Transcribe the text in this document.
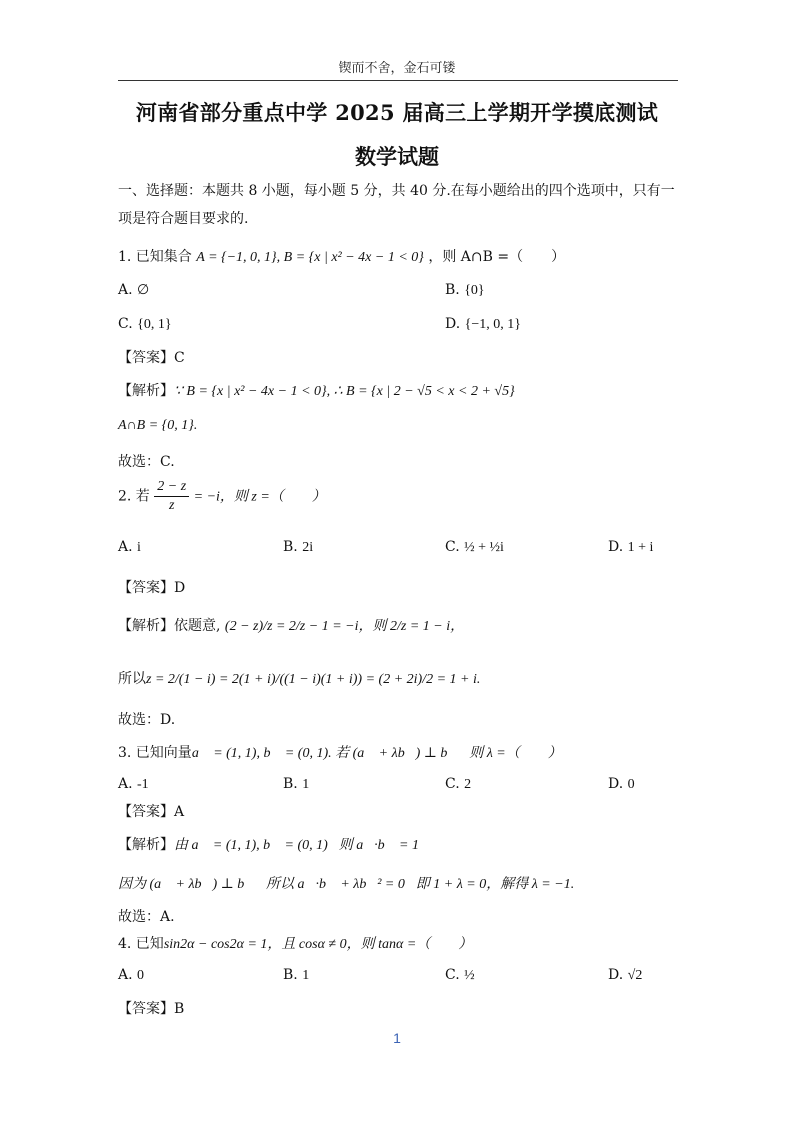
锲而不舍，金石可镂
河南省部分重点中学 2025 届高三上学期开学摸底测试
数学试题
一、选择题：本题共 8 小题，每小题 5 分，共 40 分.在每小题给出的四个选项中，只有一
项是符合题目要求的.
1. 已知集合 A = {−1, 0, 1}, B = {x | x² − 4x − 1 < 0} ，则 A∩B =（　　）
A. ∅	B. {0}
C. {0, 1}	D. {−1, 0, 1}
【答案】C
【解析】∵ B = {x | x² − 4x − 1 < 0}, ∴ B = {x | 2 − √5 < x < 2 + √5}
A∩B = {0, 1}.
故选：C.
2. 若 $\frac{2 - z}{z} = -i$，则 z =（　　）
A. i	B. 2i	C. ½ + ½i	D. 1 + i
【答案】D
【解析】依题意, (2 − z)/z = 2/z − 1 = −i，则 2/z = 1 − i，
所以z = 2/(1 − i) = 2(1 + i)/((1 − i)(1 + i)) = (2 + 2i)/2 = 1 + i.
故选：D.
3. 已知向量a⃗ = (1, 1), b⃗ = (0, 1). 若 (a⃗ + λb⃗) ⊥ b⃗，则 λ =（　　）
A. -1	B. 1	C. 2	D. 0
【答案】A
【解析】由 a⃗ = (1, 1), b⃗ = (0, 1)，则 a⃗·b⃗ = 1，
因为 (a⃗ + λb⃗) ⊥ b⃗，所以 a⃗·b⃗ + λb⃗² = 0，即 1 + λ = 0，解得 λ = −1.
故选：A.
4. 已知sin2α − cos2α = 1，且 cosα ≠ 0，则 tanα =（　　）
A. 0	B. 1	C. ½	D. √2
【答案】B
1
